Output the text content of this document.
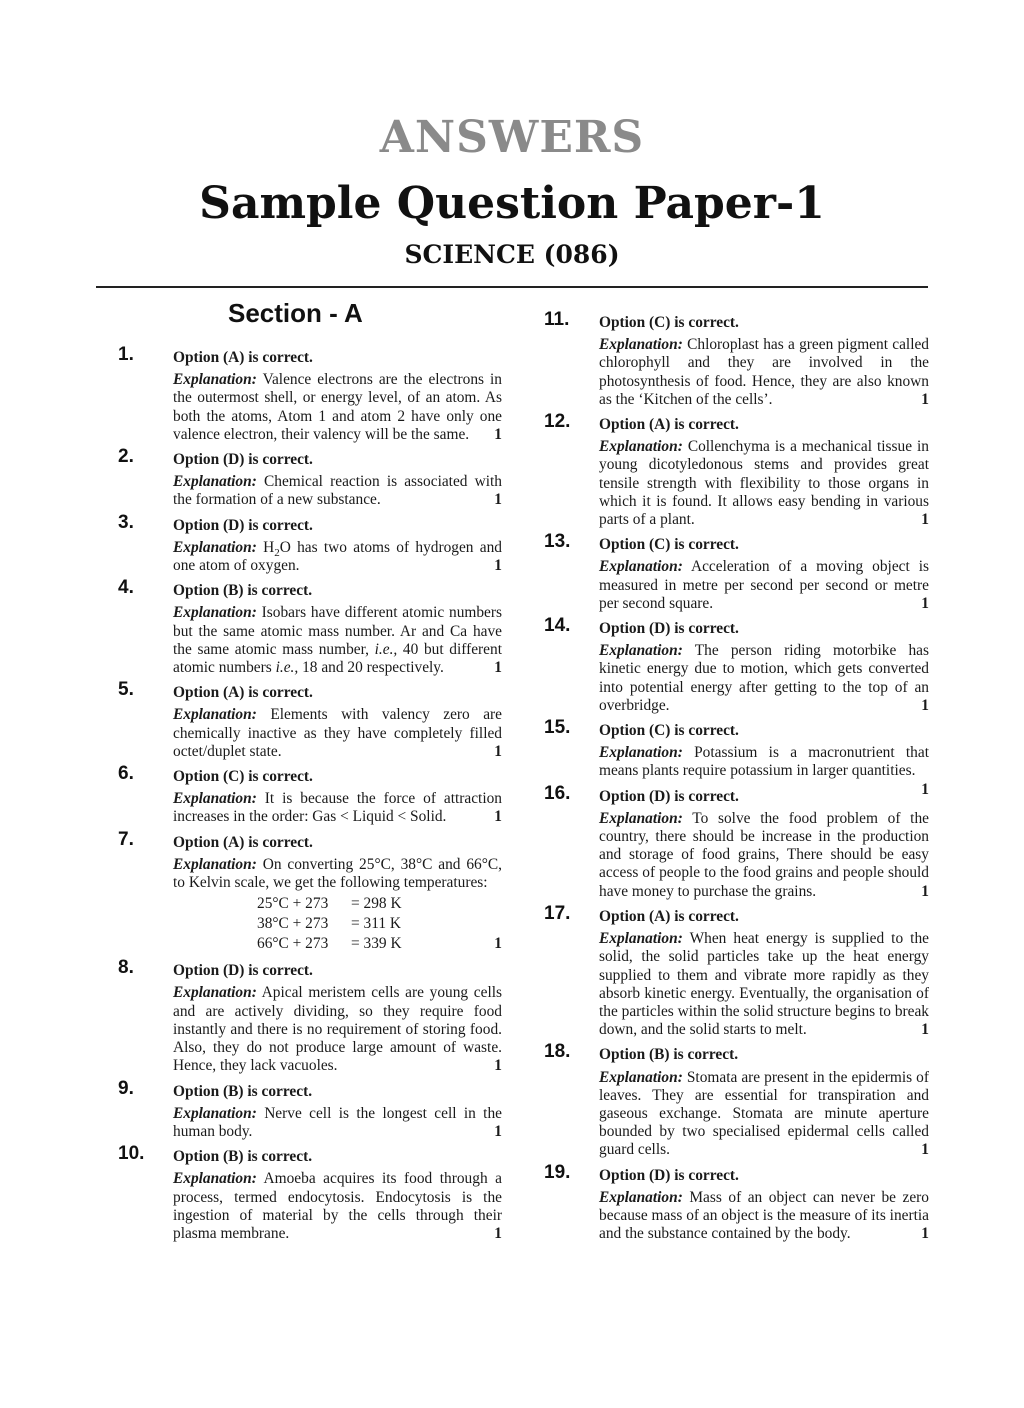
ANSWERS
Sample Question Paper-1
SCIENCE (086)
Section - A
1.	Option (A) is correct.
Explanation: Valence electrons are the electrons in the outermost shell, or energy level, of an atom. As both the atoms, Atom 1 and atom 2 have only one valence electron, their valency will be the same.	1
2.	Option (D) is correct.
Explanation: Chemical reaction is associated with the formation of a new substance.	1
3.	Option (D) is correct.
Explanation: $H_2O$ has two atoms of hydrogen and one atom of oxygen.	1
4.	Option (B) is correct.
Explanation: Isobars have different atomic numbers but the same atomic mass number. Ar and Ca have the same atomic mass number, i.e., 40 but different atomic numbers i.e., 18 and 20 respectively.	1
5.	Option (A) is correct.
Explanation: Elements with valency zero are chemically inactive as they have completely filled octet/duplet state.	1
6.	Option (C) is correct.
Explanation: It is because the force of attraction increases in the order: Gas < Liquid < Solid.	1
7.	Option (A) is correct.
Explanation: On converting 25°C, 38°C and 66°C, to Kelvin scale, we get the following temperatures:
25°C + 273 = 298 K
38°C + 273 = 311 K
66°C + 273 = 339 K	1
8.	Option (D) is correct.
Explanation: Apical meristem cells are young cells and are actively dividing, so they require food instantly and there is no requirement of storing food. Also, they do not produce large amount of waste. Hence, they lack vacuoles.	1
9.	Option (B) is correct.
Explanation: Nerve cell is the longest cell in the human body.	1
10.	Option (B) is correct.
Explanation: Amoeba acquires its food through a process, termed endocytosis. Endocytosis is the ingestion of material by the cells through their plasma membrane.	1
11.	Option (C) is correct.
Explanation: Chloroplast has a green pigment called chlorophyll and they are involved in the photosynthesis of food. Hence, they are also known as the ‘Kitchen of the cells’.	1
12.	Option (A) is correct.
Explanation: Collenchyma is a mechanical tissue in young dicotyledonous stems and provides great tensile strength with flexibility to those organs in which it is found. It allows easy bending in various parts of a plant.	1
13.	Option (C) is correct.
Explanation: Acceleration of a moving object is measured in metre per second per second or metre per second square.	1
14.	Option (D) is correct.
Explanation: The person riding motorbike has kinetic energy due to motion, which gets converted into potential energy after getting to the top of an overbridge.	1
15.	Option (C) is correct.
Explanation: Potassium is a macronutrient that means plants require potassium in larger quantities.
1
16.	Option (D) is correct.
Explanation: To solve the food problem of the country, there should be increase in the production and storage of food grains, There should be easy access of people to the food grains and people should have money to purchase the grains.	1
17.	Option (A) is correct.
Explanation: When heat energy is supplied to the solid, the solid particles take up the heat energy supplied to them and vibrate more rapidly as they absorb kinetic energy. Eventually, the organisation of the particles within the solid structure begins to break down, and the solid starts to melt.	1
18.	Option (B) is correct.
Explanation: Stomata are present in the epidermis of leaves. They are essential for transpiration and gaseous exchange. Stomata are minute aperture bounded by two specialised epidermal cells called guard cells.	1
19.	Option (D) is correct.
Explanation: Mass of an object can never be zero because mass of an object is the measure of its inertia and the substance contained by the body.	1
